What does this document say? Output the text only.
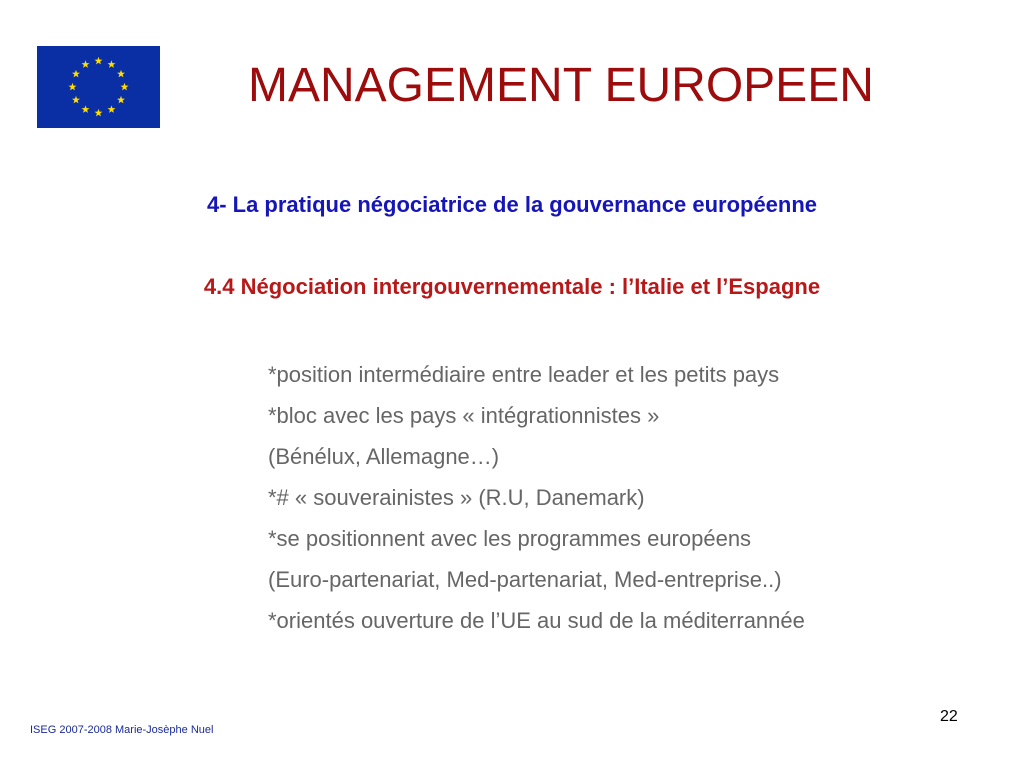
MANAGEMENT EUROPEEN
4- La pratique négociatrice de la gouvernance européenne
4.4 Négociation intergouvernementale : l’Italie et l’Espagne
*position intermédiaire entre leader et les petits pays
*bloc avec les pays « intégrationnistes »
(Bénélux, Allemagne…)
*# « souverainistes » (R.U, Danemark)
*se positionnent avec les programmes européens
(Euro-partenariat, Med-partenariat, Med-entreprise..)
*orientés ouverture de l’UE au sud de la méditerrannée
ISEG 2007-2008 Marie-Josèphe Nuel
22
